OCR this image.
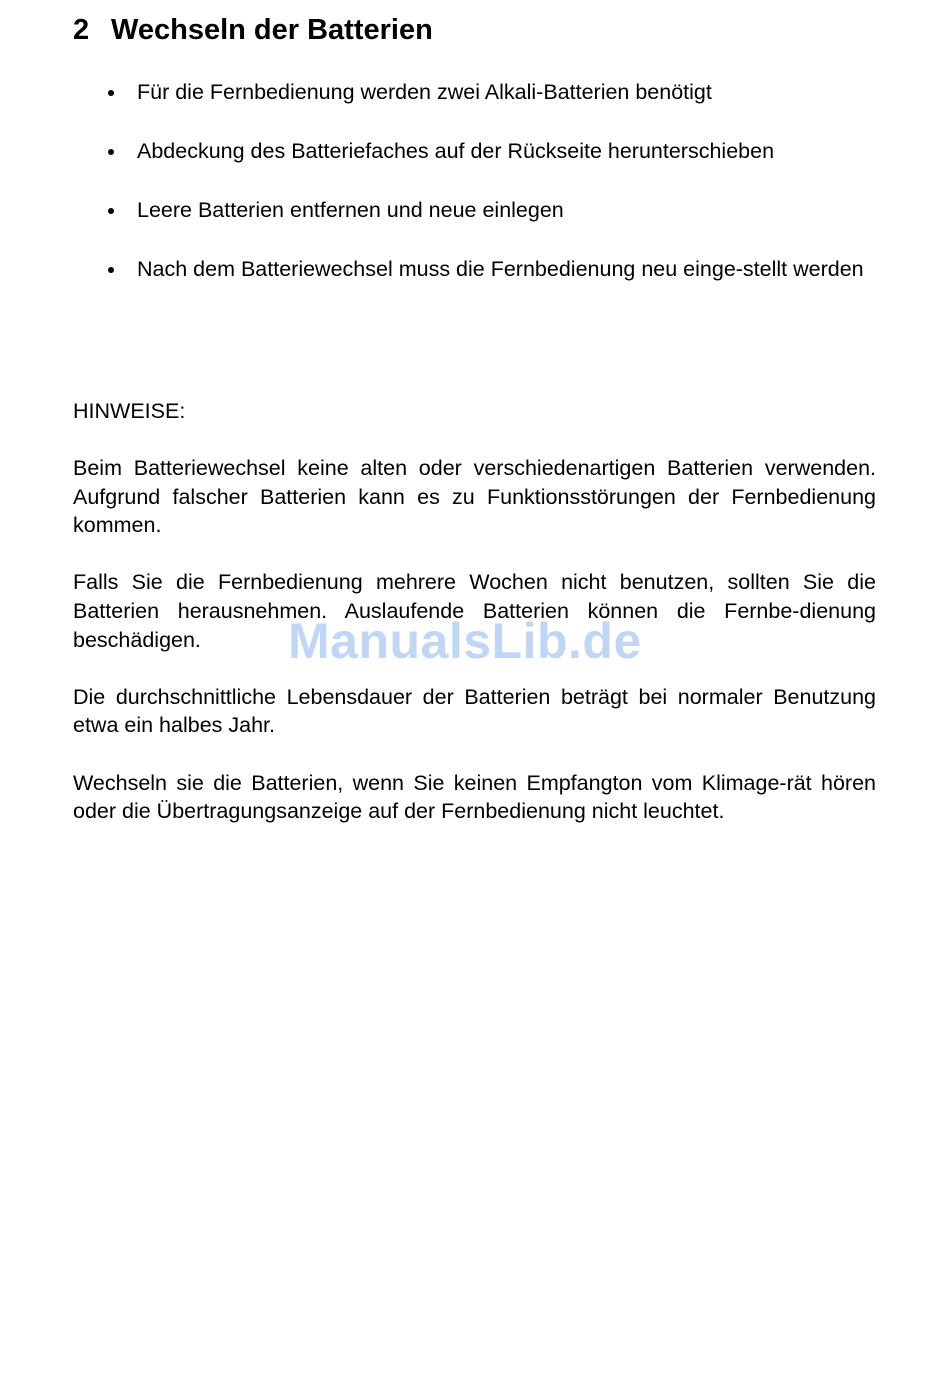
2 Wechseln der Batterien
Für die Fernbedienung werden zwei Alkali-Batterien benötigt
Abdeckung des Batteriefaches auf der Rückseite herunterschieben
Leere Batterien entfernen und neue einlegen
Nach dem Batteriewechsel muss die Fernbedienung neu einge-stellt werden
HINWEISE:

Beim Batteriewechsel keine alten oder verschiedenartigen Batterien verwenden. Aufgrund falscher Batterien kann es zu Funktionsstörungen der Fernbedienung kommen.

Falls Sie die Fernbedienung mehrere Wochen nicht benutzen, sollten Sie die Batterien herausnehmen. Auslaufende Batterien können die Fernbe-dienung beschädigen.

Die durchschnittliche Lebensdauer der Batterien beträgt bei normaler Benutzung etwa ein halbes Jahr.

Wechseln sie die Batterien, wenn Sie keinen Empfangton vom Klimage-rät hören oder die Übertragungsanzeige auf der Fernbedienung nicht leuchtet.

ManualsLib.de
